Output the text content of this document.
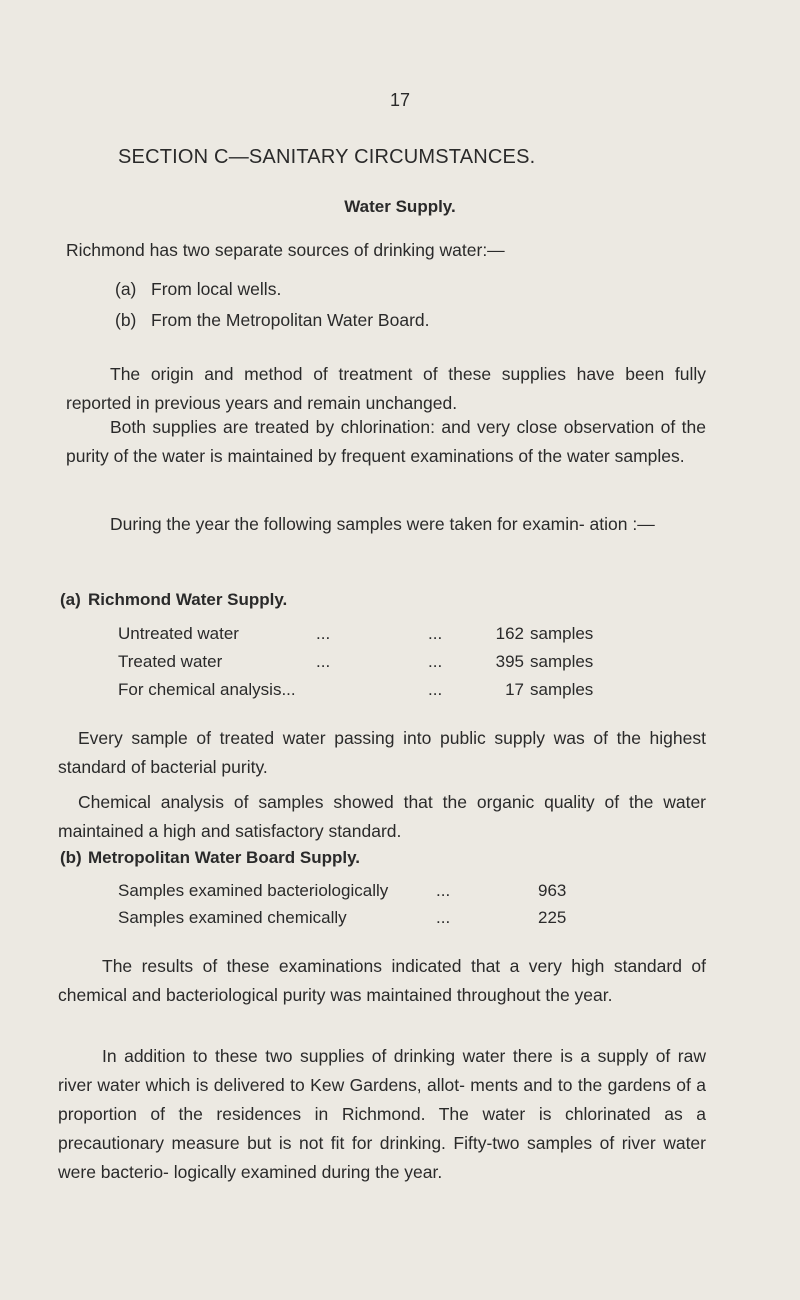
17
SECTION C—SANITARY CIRCUMSTANCES.
Water Supply.

Richmond has two separate sources of drinking water:—

(a) From local wells.
(b) From the Metropolitan Water Board.

The origin and method of treatment of these supplies have been fully reported in previous years and remain unchanged.

Both supplies are treated by chlorination: and very close observation of the purity of the water is maintained by frequent examinations of the water samples.

During the year the following samples were taken for examin- ation :—

(a) Richmond Water Supply.
Untreated water	...	...	162 samples
Treated water	...	...	395 samples
For chemical analysis...	...	17 samples

Every sample of treated water passing into public supply was of the highest standard of bacterial purity.

Chemical analysis of samples showed that the organic quality of the water maintained a high and satisfactory standard.

(b) Metropolitan Water Board Supply.
Samples examined bacteriologically	...	963
Samples examined chemically	...	225

The results of these examinations indicated that a very high standard of chemical and bacteriological purity was maintained throughout the year.

In addition to these two supplies of drinking water there is a supply of raw river water which is delivered to Kew Gardens, allot- ments and to the gardens of a proportion of the residences in Richmond. The water is chlorinated as a precautionary measure but is not fit for drinking. Fifty-two samples of river water were bacterio- logically examined during the year.
